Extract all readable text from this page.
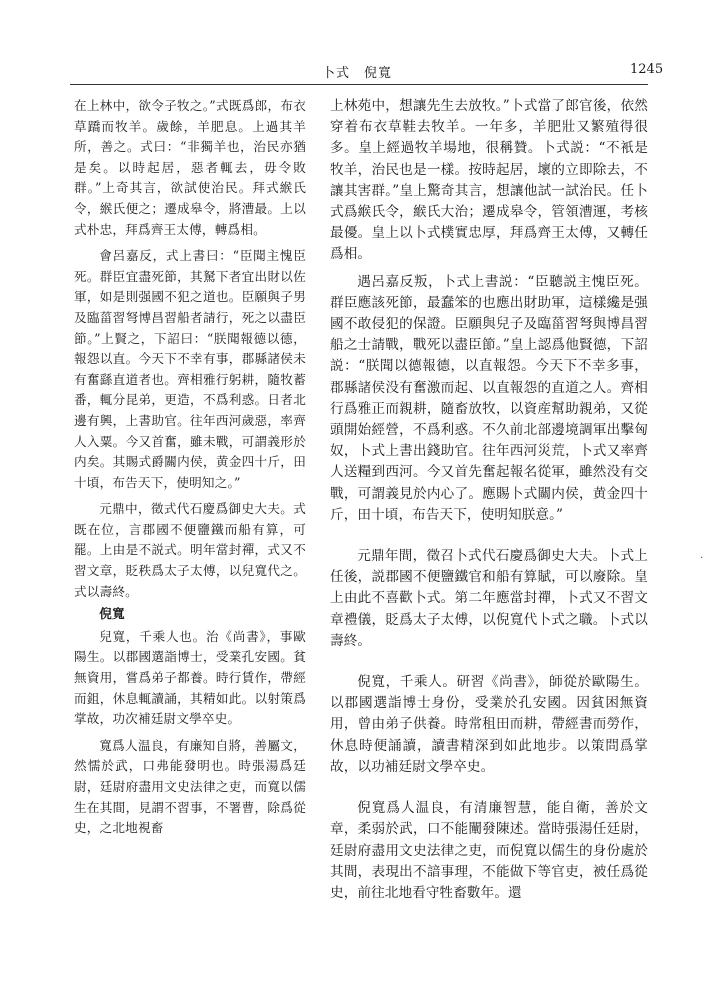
卜式　倪寬	1245

在上林中，欲令子牧之。”式既爲郎，布衣草蹻而牧羊。歲餘，羊肥息。上過其羊所，善之。式曰：“非獨羊也，治民亦猶是矣。以時起居，惡者輒去，毋令敗群。”上奇其言，欲試使治民。拜式緱氏令，緱氏便之；遷成皋令，將漕最。上以式朴忠，拜爲齊王太傅，轉爲相。

會呂嘉反，式上書曰：“臣聞主愧臣死。群臣宜盡死節，其駑下者宜出財以佐軍，如是則强國不犯之道也。臣願與子男及臨菑習弩博昌習船者請行，死之以盡臣節。”上賢之，下詔曰：“朕聞報德以德，報怨以直。今天下不幸有事，郡縣諸侯未有奮繇直道者也。齊相雅行躬耕，隨牧蓄番，輒分昆弟，更造，不爲利惑。日者北邊有興，上書助官。往年西河歲惡，率齊人入粟。今又首奮，雖未戰，可謂義形於内矣。其賜式爵關内侯，黄金四十斤，田十頃，布告天下，使明知之。”

元鼎中，徵式代石慶爲御史大夫。式既在位，言郡國不便鹽鐵而船有算，可罷。上由是不説式。明年當封禪，式又不習文章，貶秩爲太子太傅，以兒寬代之。式以壽終。

倪寬

兒寬，千乘人也。治《尚書》，事歐陽生。以郡國選詣博士，受業孔安國。貧無資用，嘗爲弟子都養。時行賃作，帶經而鉏，休息輒讀誦，其精如此。以射策爲掌故，功次補廷尉文學卒史。

寬爲人温良，有廉知自將，善屬文，然懦於武，口弗能發明也。時張湯爲廷尉，廷尉府盡用文史法律之吏，而寬以儒生在其間，見謂不習事，不署曹，除爲從史，之北地視畜

上林苑中，想讓先生去放牧。”卜式當了郎官後，依然穿着布衣草鞋去牧羊。一年多，羊肥壯又繁殖得很多。皇上經過牧羊場地，很稱贊。卜式説：“不衹是牧羊，治民也是一樣。按時起居，壞的立即除去，不讓其害群。”皇上驚奇其言，想讓他試一試治民。任卜式爲緱氏令，緱氏大治；遷成皋令，管領漕運，考核最優。皇上以卜式樸實忠厚，拜爲齊王太傅，又轉任爲相。

遇呂嘉反叛，卜式上書説：“臣聽説主愧臣死。群臣應該死節，最蠢笨的也應出財助軍，這樣纔是强國不敢侵犯的保證。臣願與兒子及臨菑習弩與博昌習船之士請戰，戰死以盡臣節。”皇上認爲他賢德，下詔説：“朕聞以德報德，以直報怨。今天下不幸多事，郡縣諸侯没有奮激而起、以直報怨的直道之人。齊相行爲雅正而親耕，隨畜放牧，以資産幫助親弟，又從頭開始經營，不爲利惑。不久前北部邊境調軍出擊匈奴，卜式上書出錢助官。往年西河災荒，卜式又率齊人送糧到西河。今又首先奮起報名從軍，雖然没有交戰，可謂義見於内心了。應賜卜式關内侯，黄金四十斤，田十頃，布告天下，使明知朕意。”

元鼎年間，徵召卜式代石慶爲御史大夫。卜式上任後，説郡國不便鹽鐵官和船有算賦，可以廢除。皇上由此不喜歡卜式。第二年應當封禪，卜式又不習文章禮儀，貶爲太子太傅，以倪寬代卜式之職。卜式以壽終。

倪寬，千乘人。研習《尚書》，師從於歐陽生。以郡國選詣博士身份，受業於孔安國。因貧困無資用，曾由弟子供養。時常租田而耕，帶經書而勞作，休息時便誦讀，讀書精深到如此地步。以策問爲掌故，以功補廷尉文學卒史。

倪寬爲人温良，有清廉智慧，能自衛，善於文章，柔弱於武，口不能闡發陳述。當時張湯任廷尉，廷尉府盡用文史法律之吏，而倪寬以儒生的身份處於其間，表現出不諳事理，不能做下等官吏，被任爲從史，前往北地看守牲畜數年。還

·
